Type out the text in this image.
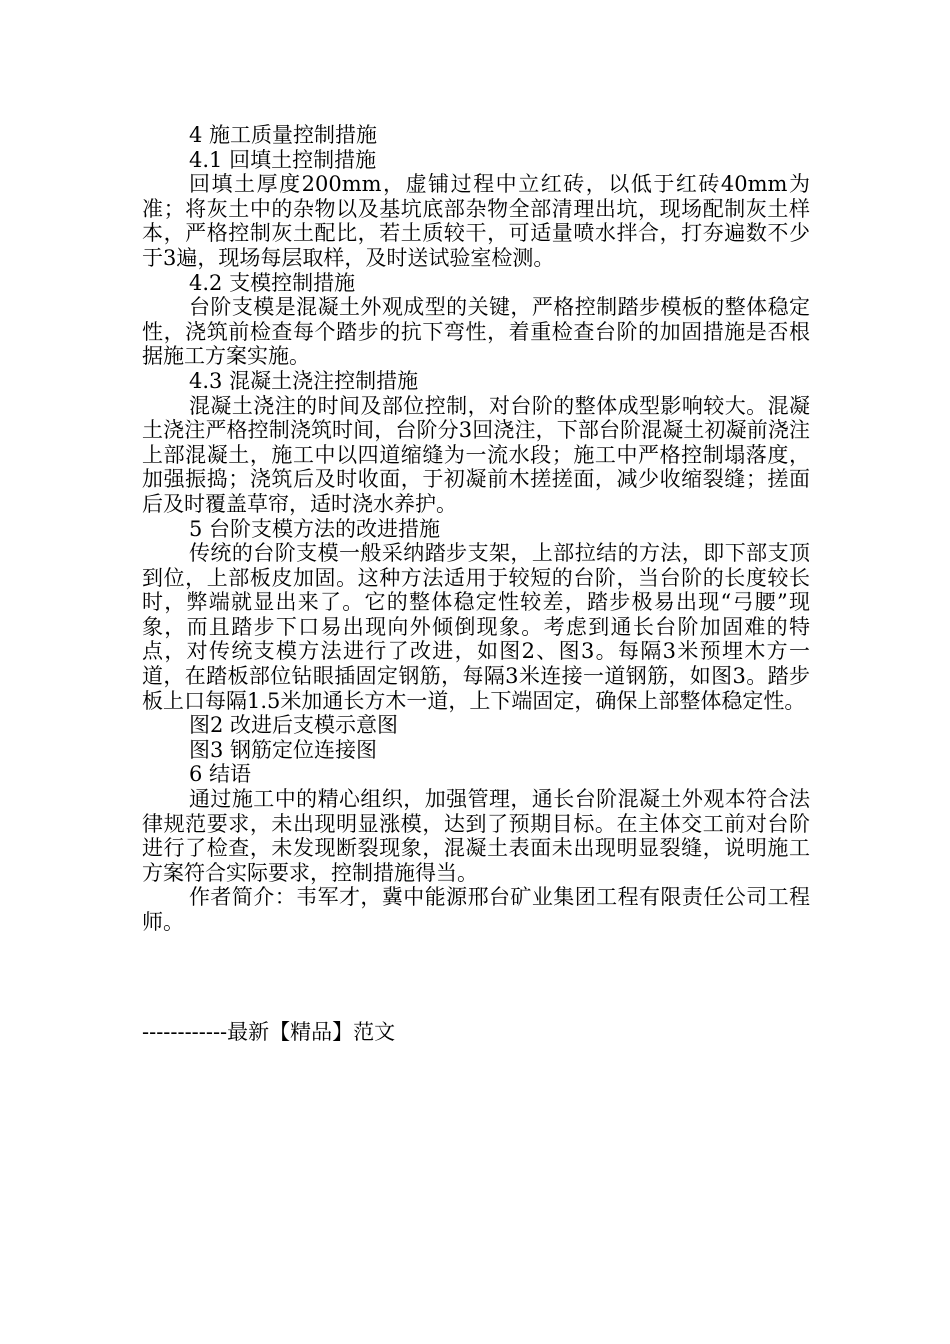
4 施工质量控制措施

4.1 回填土控制措施

回填土厚度200mm，虚铺过程中立红砖，以低于红砖40mm为准；将灰土中的杂物以及基坑底部杂物全部清理出坑，现场配制灰土样本，严格控制灰土配比，若土质较干，可适量喷水拌合，打夯遍数不少于3遍，现场每层取样，及时送试验室检测。

4.2 支模控制措施

台阶支模是混凝土外观成型的关键，严格控制踏步模板的整体稳定性，浇筑前检查每个踏步的抗下弯性，着重检查台阶的加固措施是否根据施工方案实施。

4.3 混凝土浇注控制措施

混凝土浇注的时间及部位控制，对台阶的整体成型影响较大。混凝土浇注严格控制浇筑时间，台阶分3回浇注，下部台阶混凝土初凝前浇注上部混凝土，施工中以四道缩缝为一流水段；施工中严格控制塌落度，加强振捣；浇筑后及时收面，于初凝前木搓搓面，减少收缩裂缝；搓面后及时覆盖草帘，适时浇水养护。

5 台阶支模方法的改进措施

传统的台阶支模一般采纳踏步支架，上部拉结的方法，即下部支顶到位，上部板皮加固。这种方法适用于较短的台阶，当台阶的长度较长时，弊端就显出来了。它的整体稳定性较差，踏步极易出现“弓腰”现象，而且踏步下口易出现向外倾倒现象。考虑到通长台阶加固难的特点，对传统支模方法进行了改进，如图2、图3。每隔3米预埋木方一道，在踏板部位钻眼插固定钢筋，每隔3米连接一道钢筋，如图3。踏步板上口每隔1.5米加通长方木一道，上下端固定，确保上部整体稳定性。

图2 改进后支模示意图

图3 钢筋定位连接图

6 结语

通过施工中的精心组织，加强管理，通长台阶混凝土外观本符合法律规范要求，未出现明显涨模，达到了预期目标。在主体交工前对台阶进行了检查，未发现断裂现象，混凝土表面未出现明显裂缝，说明施工方案符合实际要求，控制措施得当。

作者简介：韦军才，冀中能源邢台矿业集团工程有限责任公司工程师。

------------最新【精品】范文
